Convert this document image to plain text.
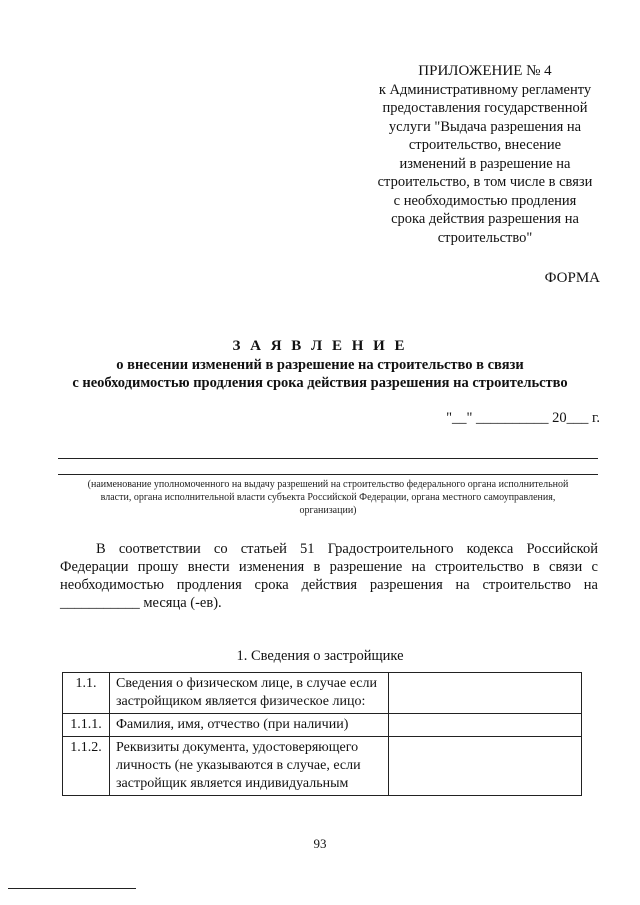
ПРИЛОЖЕНИЕ № 4
к Административному регламенту
предоставления государственной
услуги "Выдача разрешения на
строительство, внесение
изменений в разрешение на
строительство, в том числе в связи
с необходимостью продления
срока действия разрешения на
строительство"
ФОРМА
З А Я В Л Е Н И Е
о внесении изменений в разрешение на строительство в связи
с необходимостью продления срока действия разрешения на строительство
"__" __________ 20___ г.
(наименование уполномоченного на выдачу разрешений на строительство федерального органа исполнительной
власти, органа исполнительной власти субъекта Российской Федерации, органа местного самоуправления,
организации)
В соответствии со статьей 51 Градостроительного кодекса Российской Федерации прошу внести изменения в разрешение на строительство в связи с необходимостью продления срока действия разрешения на строительство на ___________ месяца (-ев).
1. Сведения о застройщике
1.1.	Сведения о физическом лице, в случае если застройщиком является физическое лицо:	
1.1.1.	Фамилия, имя, отчество (при наличии)	
1.1.2.	Реквизиты документа, удостоверяющего личность (не указываются в случае, если застройщик является индивидуальным	
93
